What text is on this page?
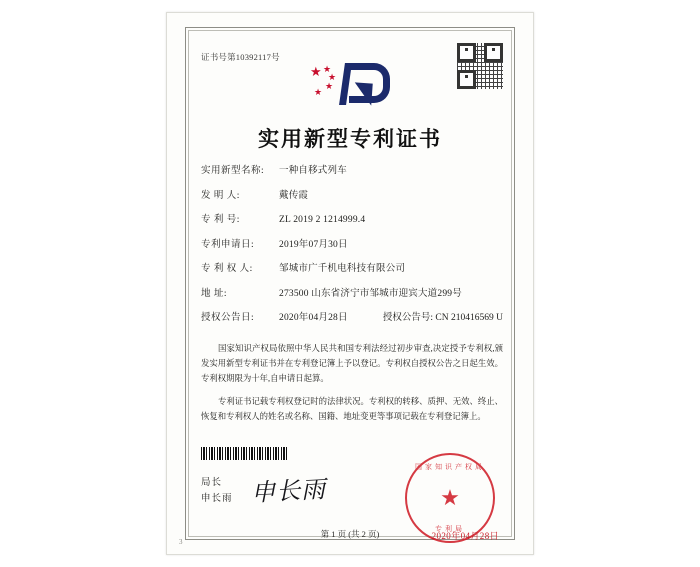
证书号第10392117号
★ ★
★
★
★
实用新型专利证书
实用新型名称:	一种自移式列车
发 明 人:	戴传霞
专 利 号:	ZL 2019 2 1214999.4
专利申请日:	2019年07月30日
专 利 权 人:	邹城市广千机电科技有限公司
地 址:	273500 山东省济宁市邹城市迎宾大道299号
授权公告日:	2020年04月28日	授权公告号: CN 210416569 U

国家知识产权局依照中华人民共和国专利法经过初步审查,决定授予专利权,颁发实用新型专利证书并在专利登记簿上予以登记。专利权自授权公告之日起生效。专利权期限为十年,自申请日起算。

专利证书记载专利权登记时的法律状况。专利权的转移、质押、无效、终止、恢复和专利权人的姓名或名称、国籍、地址变更等事项记载在专利登记簿上。

局长
申长雨 申长雨
国家知识产权局
★
专利局
2020年04月28日
第 1 页 (共 2 页)
3
